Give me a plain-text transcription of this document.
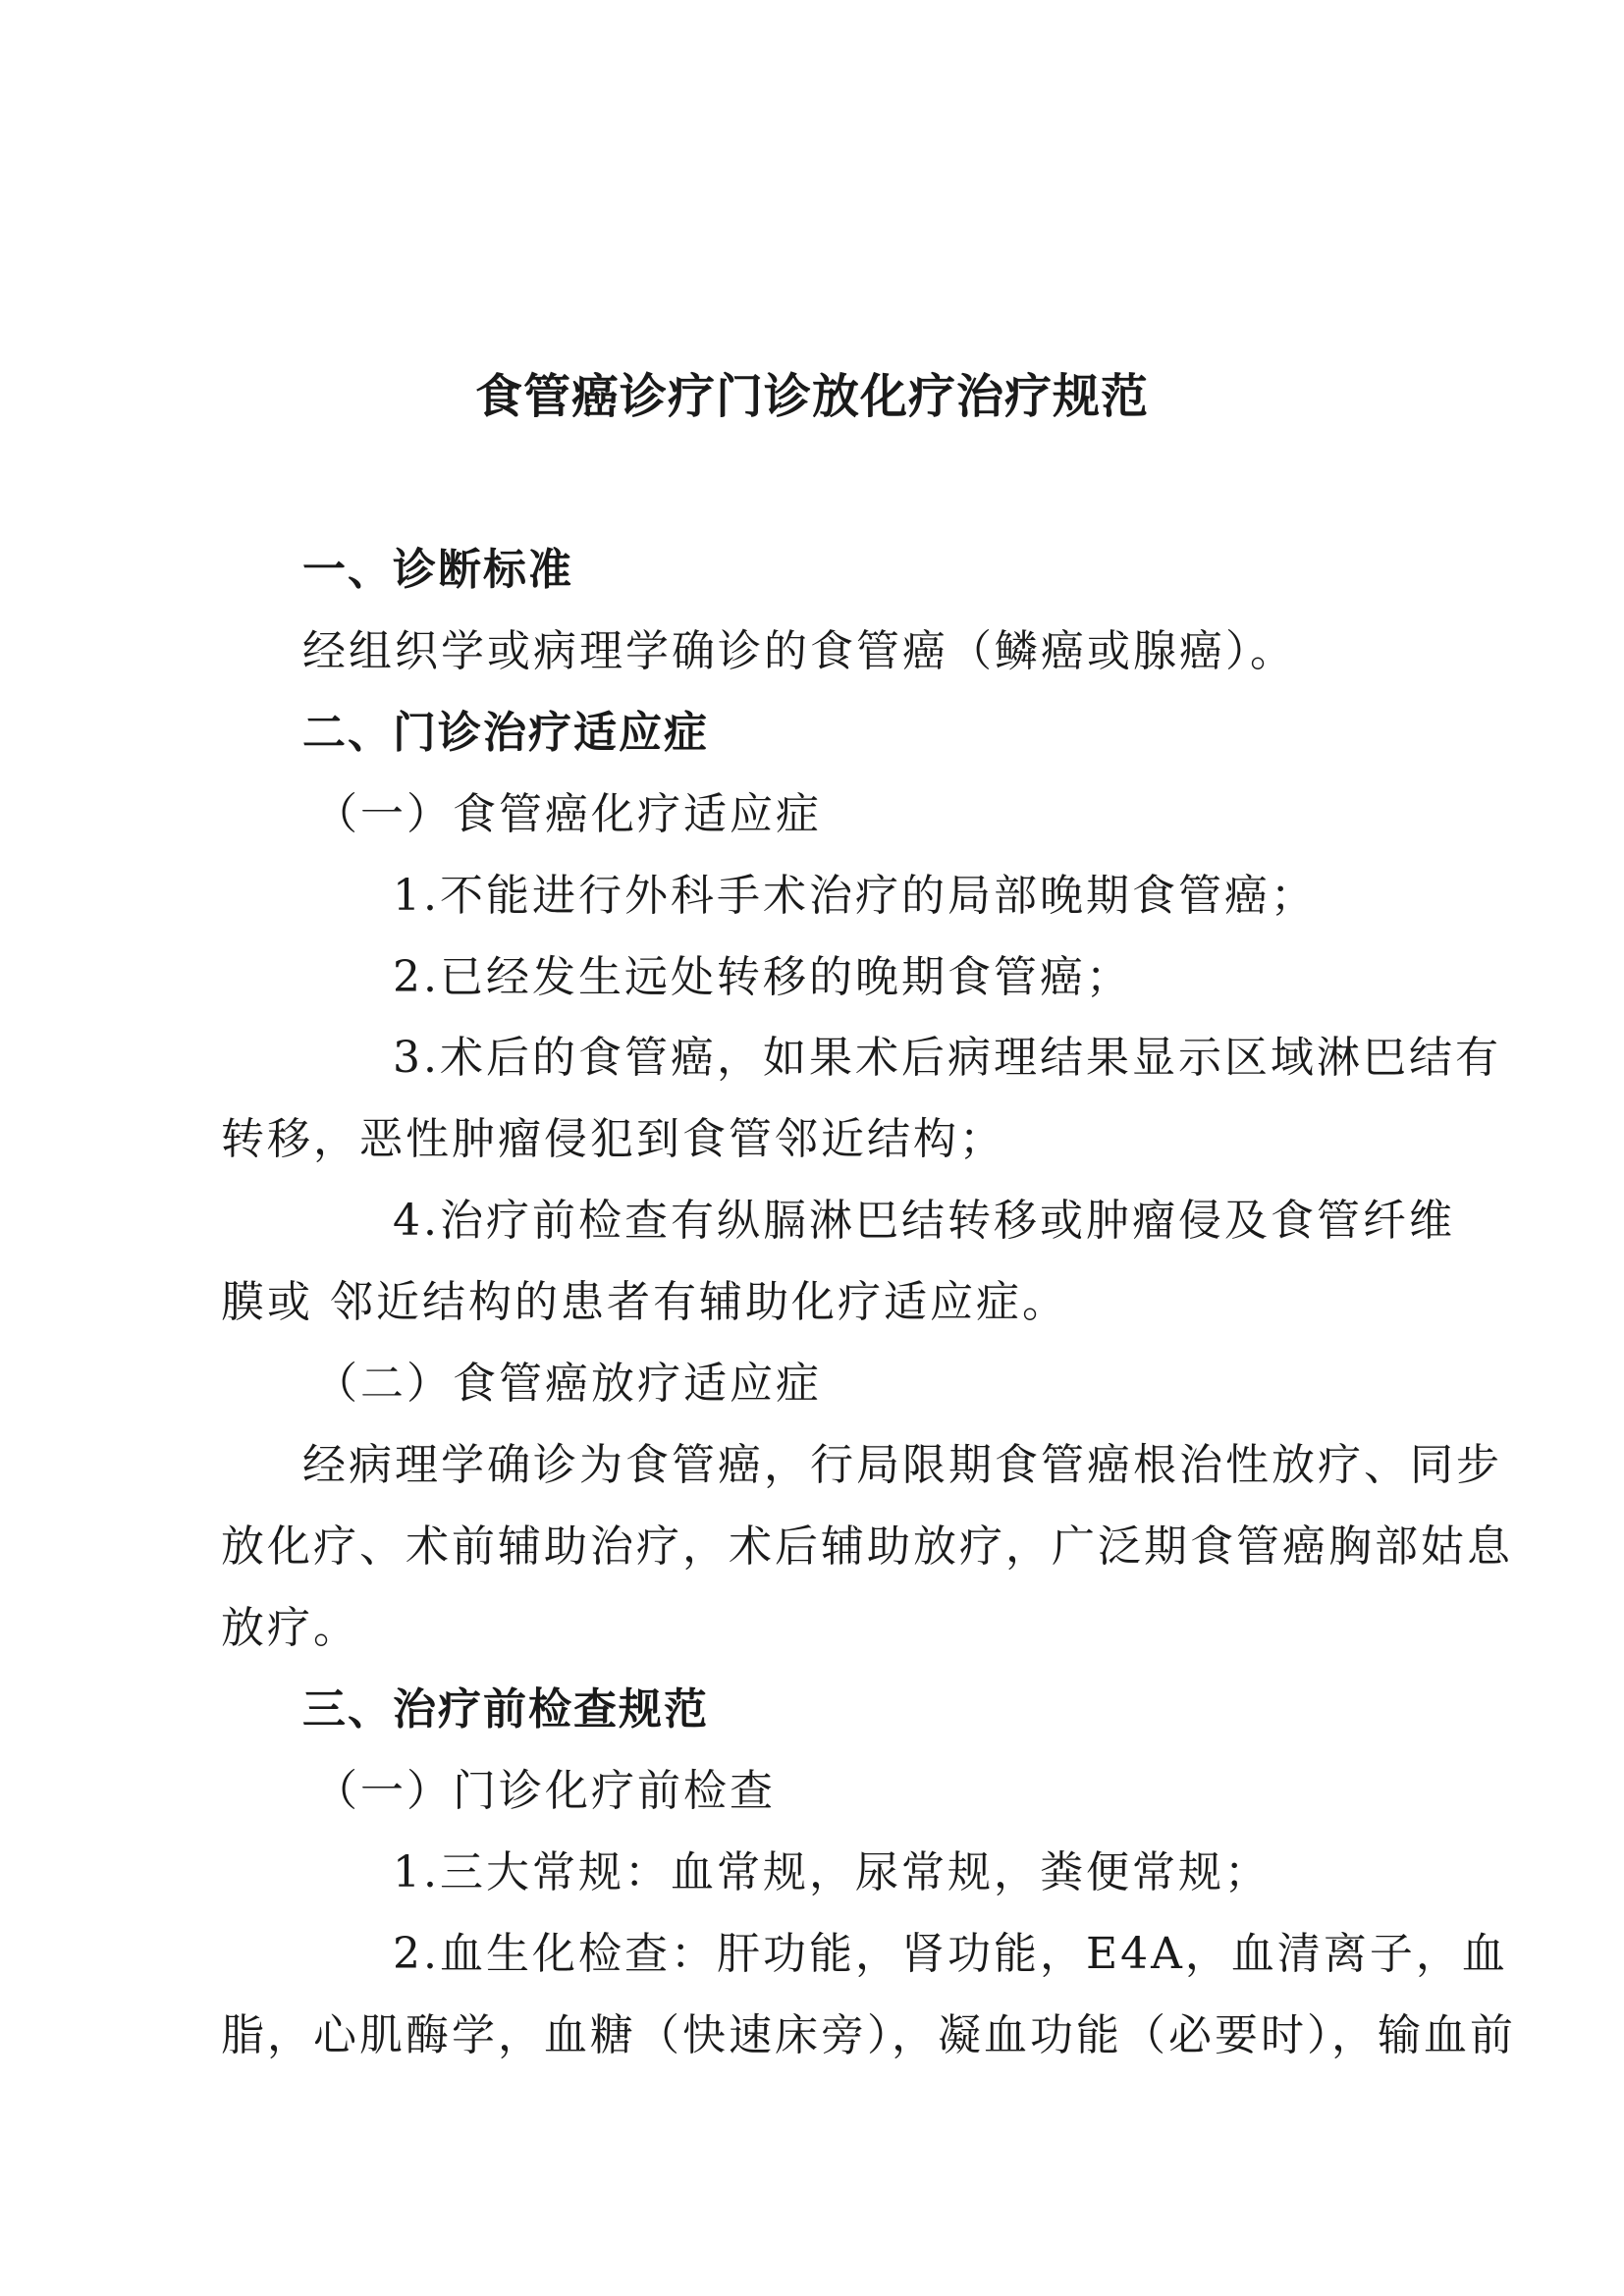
食管癌诊疗门诊放化疗治疗规范

一、诊断标准

经组织学或病理学确诊的食管癌（鳞癌或腺癌）。

二、门诊治疗适应症

（一）食管癌化疗适应症

1.不能进行外科手术治疗的局部晚期食管癌；

2.已经发生远处转移的晚期食管癌；

3.术后的食管癌，如果术后病理结果显示区域淋巴结有

转移，恶性肿瘤侵犯到食管邻近结构；

4.治疗前检查有纵膈淋巴结转移或肿瘤侵及食管纤维

膜或 邻近结构的患者有辅助化疗适应症。

（二）食管癌放疗适应症

经病理学确诊为食管癌，行局限期食管癌根治性放疗、同步

放化疗、术前辅助治疗，术后辅助放疗，广泛期食管癌胸部姑息

放疗。

三、治疗前检查规范

（一）门诊化疗前检查

1.三大常规：血常规，尿常规，粪便常规；

2.血生化检查：肝功能，肾功能，E4A，血清离子，血

脂，心肌酶学，血糖（快速床旁），凝血功能（必要时），输血前
